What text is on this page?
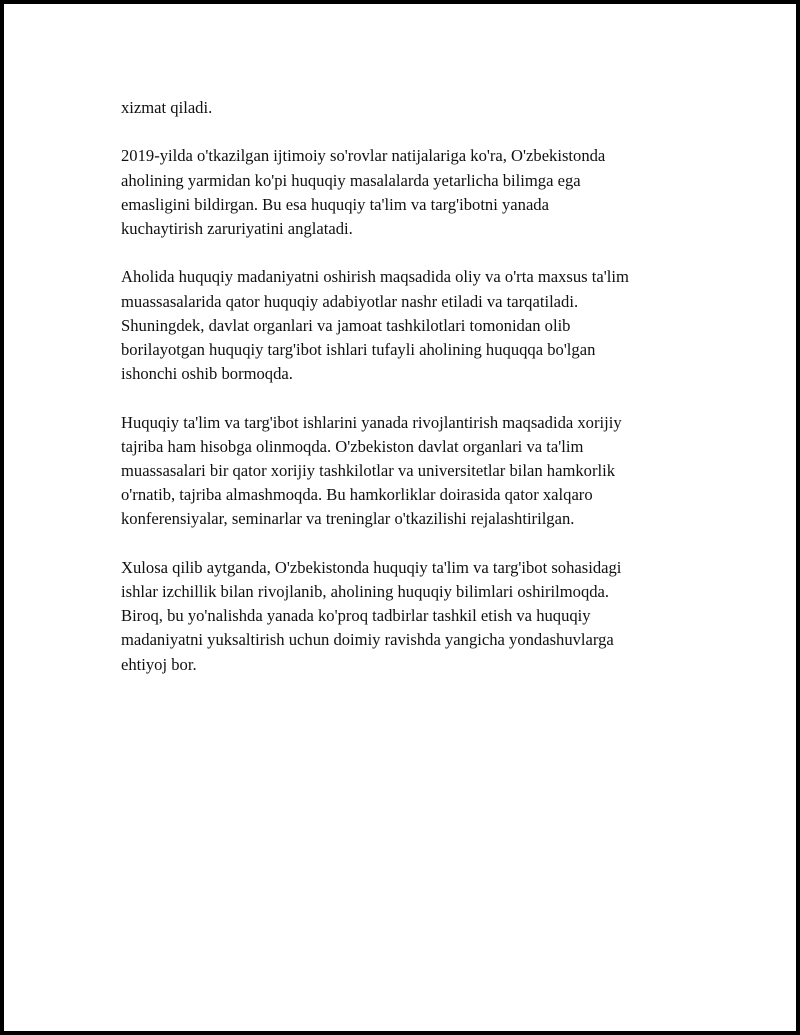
xizmat qiladi.

2019-yilda o'tkazilgan ijtimoiy so'rovlar natijalariga ko'ra, O'zbekistonda
aholining yarmidan ko'pi huquqiy masalalarda yetarlicha bilimga ega
emasligini bildirgan. Bu esa huquqiy ta'lim va targ'ibotni yanada
kuchaytirish zaruriyatini anglatadi.

Aholida huquqiy madaniyatni oshirish maqsadida oliy va o'rta maxsus ta'lim
muassasalarida qator huquqiy adabiyotlar nashr etiladi va tarqatiladi.
Shuningdek, davlat organlari va jamoat tashkilotlari tomonidan olib
borilayotgan huquqiy targ'ibot ishlari tufayli aholining huquqqa bo'lgan
ishonchi oshib bormoqda.

Huquqiy ta'lim va targ'ibot ishlarini yanada rivojlantirish maqsadida xorijiy
tajriba ham hisobga olinmoqda. O'zbekiston davlat organlari va ta'lim
muassasalari bir qator xorijiy tashkilotlar va universitetlar bilan hamkorlik
o'rnatib, tajriba almashmoqda. Bu hamkorliklar doirasida qator xalqaro
konferensiyalar, seminarlar va treninglar o'tkazilishi rejalashtirilgan.

Xulosa qilib aytganda, O'zbekistonda huquqiy ta'lim va targ'ibot sohasidagi
ishlar izchillik bilan rivojlanib, aholining huquqiy bilimlari oshirilmoqda.
Biroq, bu yo'nalishda yanada ko'proq tadbirlar tashkil etish va huquqiy
madaniyatni yuksaltirish uchun doimiy ravishda yangicha yondashuvlarga
ehtiyoj bor.
